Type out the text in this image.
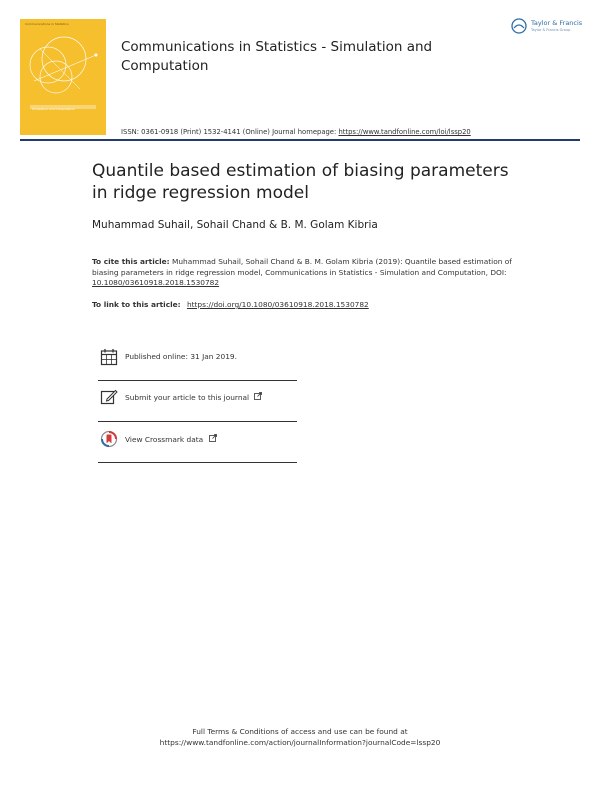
Communications in Statistics
Simulation and Computation
Communications in Statistics - Simulation and Computation
Taylor & Francis
Taylor & Francis Group
ISSN: 0361-0918 (Print) 1532-4141 (Online) Journal homepage: https://www.tandfonline.com/loi/lssp20
Quantile based estimation of biasing parameters in ridge regression model
Muhammad Suhail, Sohail Chand & B. M. Golam Kibria
To cite this article: Muhammad Suhail, Sohail Chand & B. M. Golam Kibria (2019): Quantile based estimation of biasing parameters in ridge regression model, Communications in Statistics - Simulation and Computation, DOI: 10.1080/03610918.2018.1530782
To link to this article: https://doi.org/10.1080/03610918.2018.1530782
Published online: 31 Jan 2019.
Submit your article to this journal
View Crossmark data
Full Terms & Conditions of access and use can be found at
https://www.tandfonline.com/action/journalInformation?journalCode=lssp20
